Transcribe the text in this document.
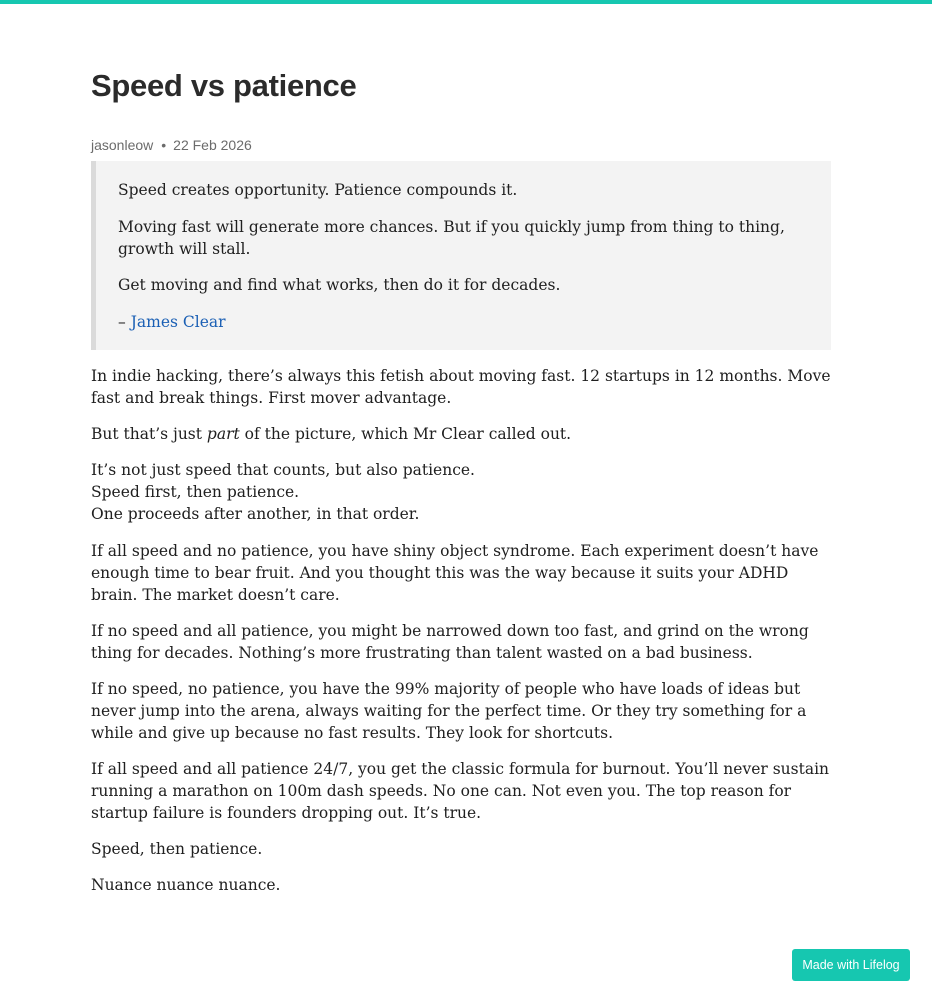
Speed vs patience
jasonleow • 22 Feb 2026

Speed creates opportunity. Patience compounds it.

Moving fast will generate more chances. But if you quickly jump from thing to thing, growth will stall.

Get moving and find what works, then do it for decades.

– James Clear

In indie hacking, there’s always this fetish about moving fast. 12 startups in 12 months. Move fast and break things. First mover advantage.

But that’s just part of the picture, which Mr Clear called out.

It’s not just speed that counts, but also patience.
Speed first, then patience.
One proceeds after another, in that order.

If all speed and no patience, you have shiny object syndrome. Each experiment doesn’t have enough time to bear fruit. And you thought this was the way because it suits your ADHD brain. The market doesn’t care.

If no speed and all patience, you might be narrowed down too fast, and grind on the wrong thing for decades. Nothing’s more frustrating than talent wasted on a bad business.

If no speed, no patience, you have the 99% majority of people who have loads of ideas but never jump into the arena, always waiting for the perfect time. Or they try something for a while and give up because no fast results. They look for shortcuts.

If all speed and all patience 24/7, you get the classic formula for burnout. You’ll never sustain running a marathon on 100m dash speeds. No one can. Not even you. The top reason for startup failure is founders dropping out. It’s true.

Speed, then patience.

Nuance nuance nuance.

Made with Lifelog
